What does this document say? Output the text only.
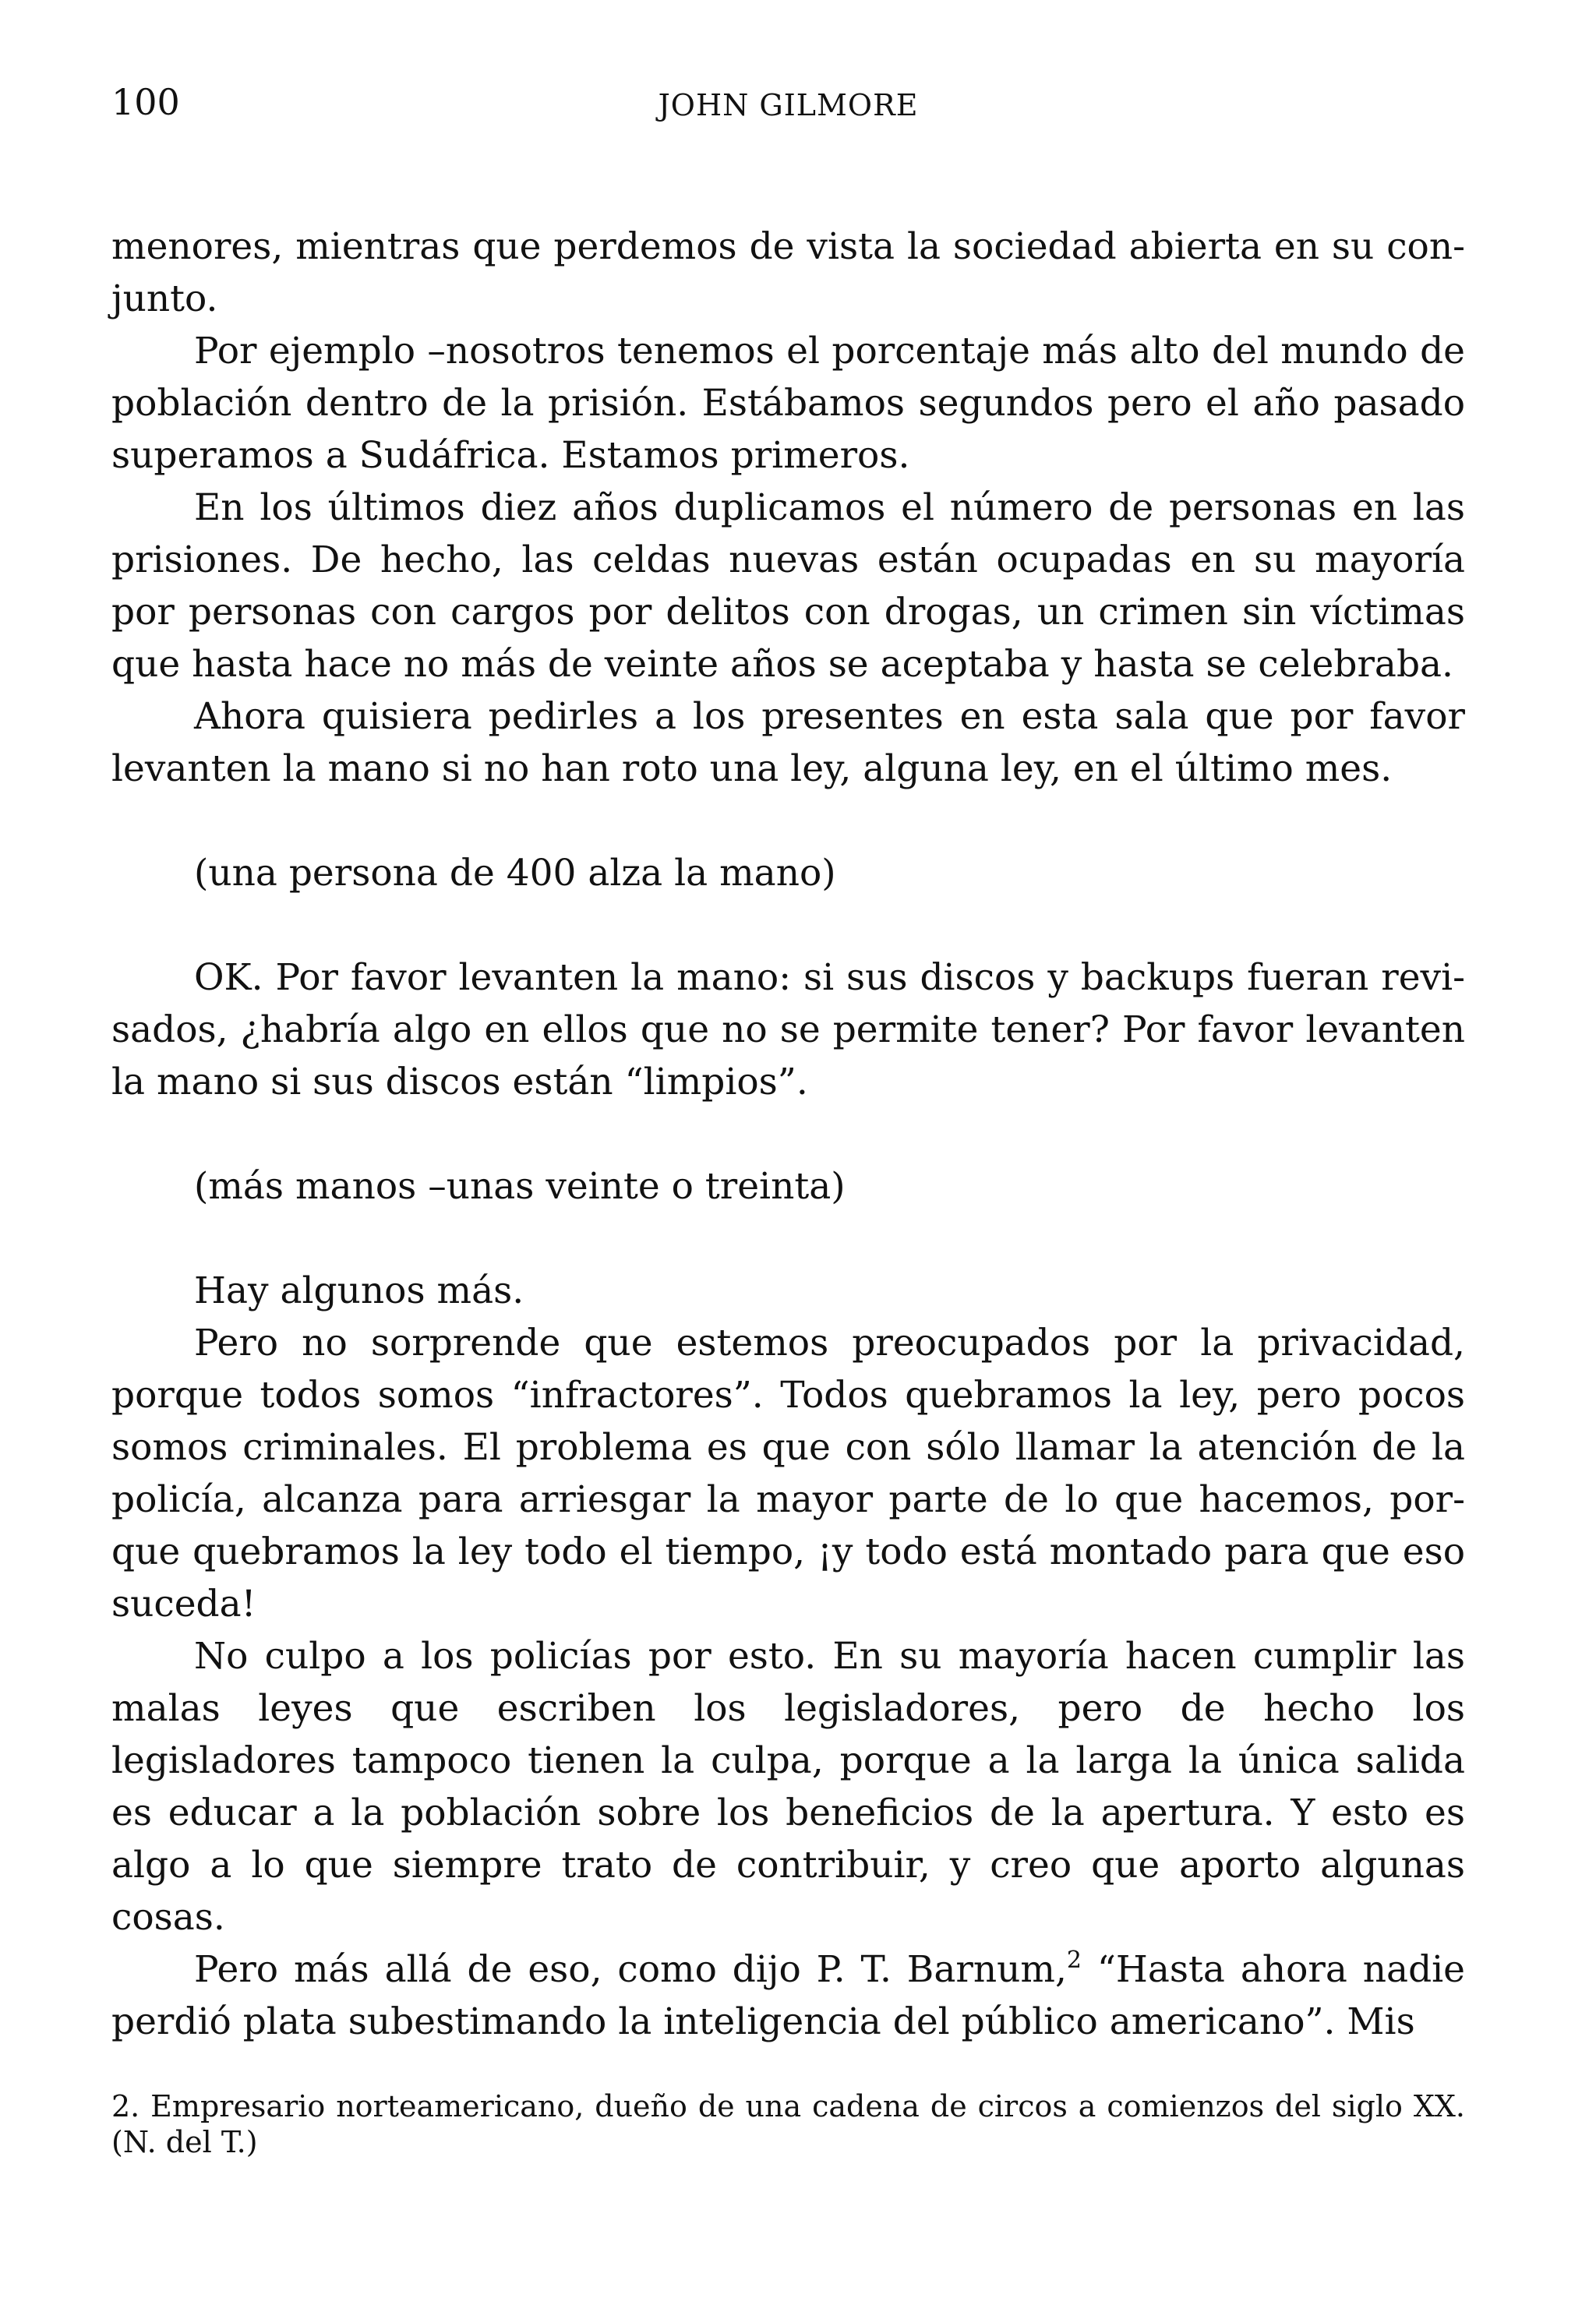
100	JOHN GILMORE

menores, mientras que perdemos de vista la sociedad abierta en su conjunto.

Por ejemplo –nosotros tenemos el porcentaje más alto del mundo de población dentro de la prisión. Estábamos segundos pero el año pasado superamos a Sudáfrica. Estamos primeros.

En los últimos diez años duplicamos el número de personas en las prisiones. De hecho, las celdas nuevas están ocupadas en su mayoría por personas con cargos por delitos con drogas, un crimen sin víctimas que hasta hace no más de veinte años se aceptaba y hasta se celebraba.

Ahora quisiera pedirles a los presentes en esta sala que por favor levanten la mano si no han roto una ley, alguna ley, en el último mes.

(una persona de 400 alza la mano)

OK. Por favor levanten la mano: si sus discos y backups fueran revisados, ¿habría algo en ellos que no se permite tener? Por favor levanten la mano si sus discos están “limpios”.

(más manos –unas veinte o treinta)

Hay algunos más.

Pero no sorprende que estemos preocupados por la privacidad, porque todos somos “infractores”. Todos quebramos la ley, pero pocos somos criminales. El problema es que con sólo llamar la atención de la policía, alcanza para arriesgar la mayor parte de lo que hacemos, porque quebramos la ley todo el tiempo, ¡y todo está montado para que eso suceda!

No culpo a los policías por esto. En su mayoría hacen cumplir las malas leyes que escriben los legisladores, pero de hecho los legisladores tampoco tienen la culpa, porque a la larga la única salida es educar a la población sobre los beneficios de la apertura. Y esto es algo a lo que siempre trato de contribuir, y creo que aporto algunas cosas.

Pero más allá de eso, como dijo P. T. Barnum,$^2$ “Hasta ahora nadie perdió plata subestimando la inteligencia del público americano”. Mis

2. Empresario norteamericano, dueño de una cadena de circos a comienzos del siglo XX. (N. del T.)
